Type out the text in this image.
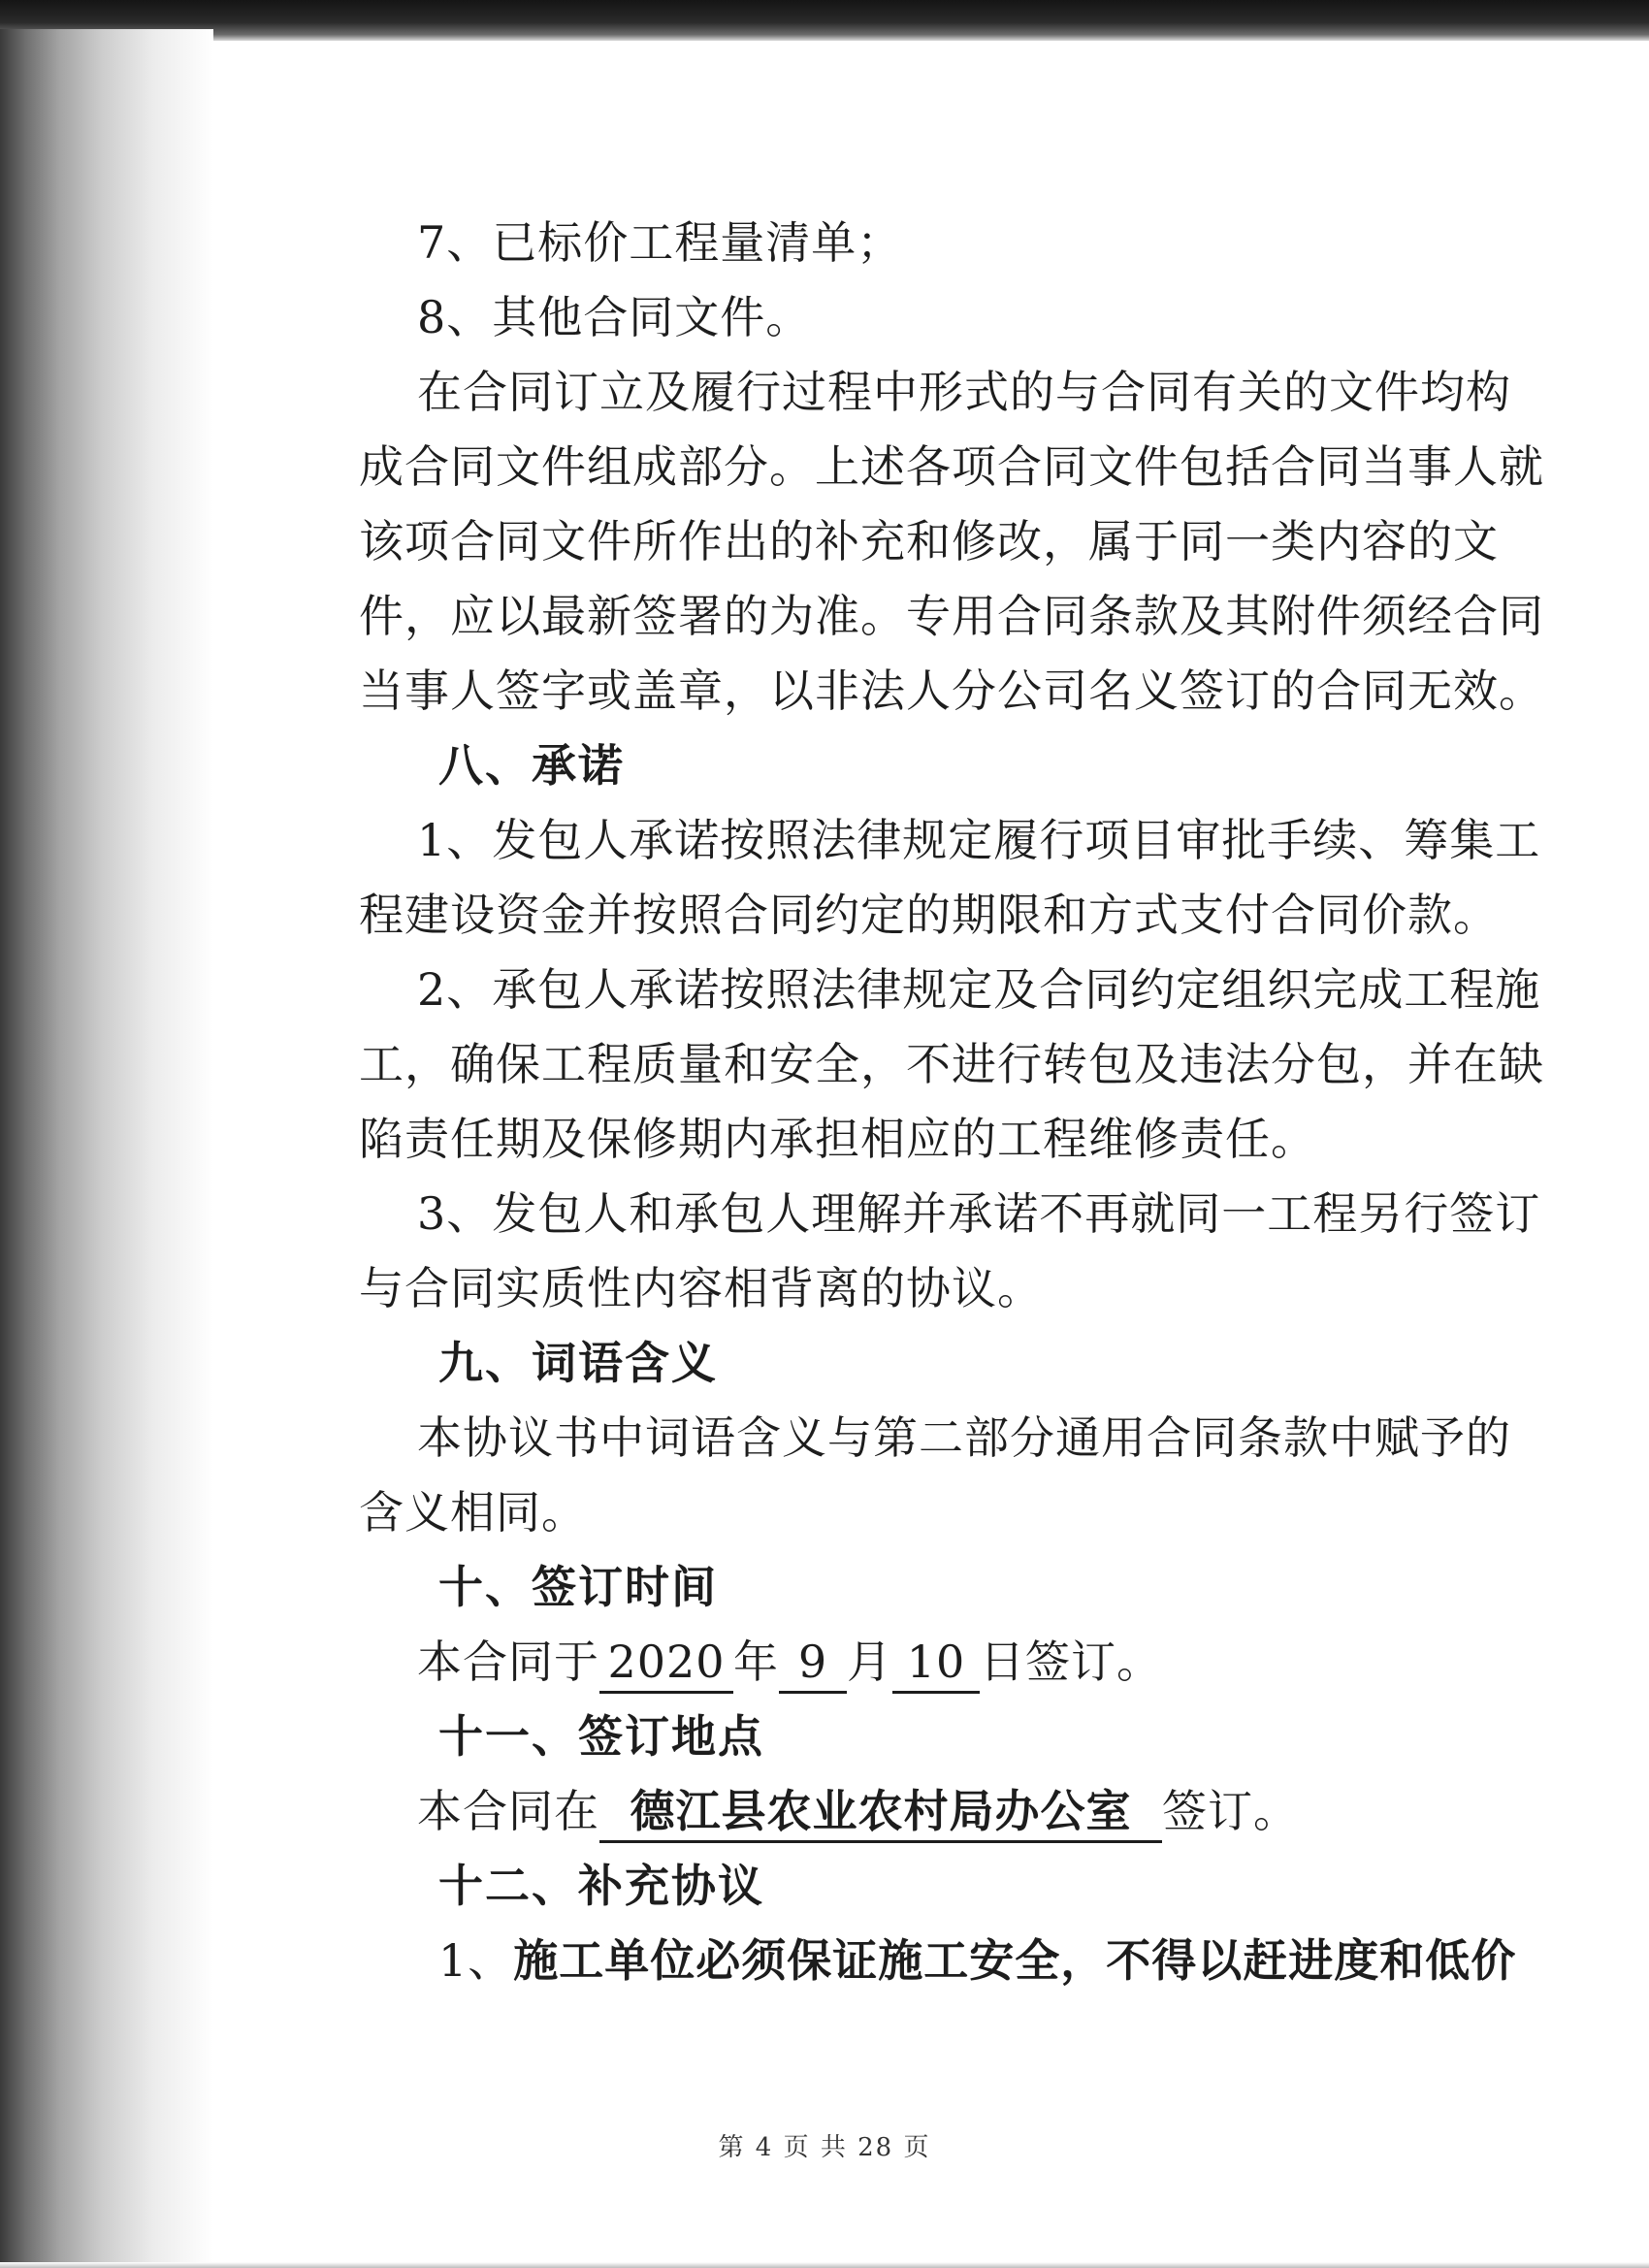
7、已标价工程量清单；
8、其他合同文件。
在合同订立及履行过程中形式的与合同有关的文件均构
成合同文件组成部分。上述各项合同文件包括合同当事人就
该项合同文件所作出的补充和修改，属于同一类内容的文
件，应以最新签署的为准。专用合同条款及其附件须经合同
当事人签字或盖章，以非法人分公司名义签订的合同无效。
八、承诺
1、发包人承诺按照法律规定履行项目审批手续、筹集工
程建设资金并按照合同约定的期限和方式支付合同价款。
2、承包人承诺按照法律规定及合同约定组织完成工程施
工，确保工程质量和安全，不进行转包及违法分包，并在缺
陷责任期及保修期内承担相应的工程维修责任。
3、发包人和承包人理解并承诺不再就同一工程另行签订
与合同实质性内容相背离的协议。
九、词语含义
本协议书中词语含义与第二部分通用合同条款中赋予的
含义相同。
十、签订时间
本合同于 2020 年 9 月 10 日签订。
十一、签订地点
本合同在 德江县农业农村局办公室 签订。
十二、补充协议
1、施工单位必须保证施工安全，不得以赶进度和低价
第 4 页 共 28 页
